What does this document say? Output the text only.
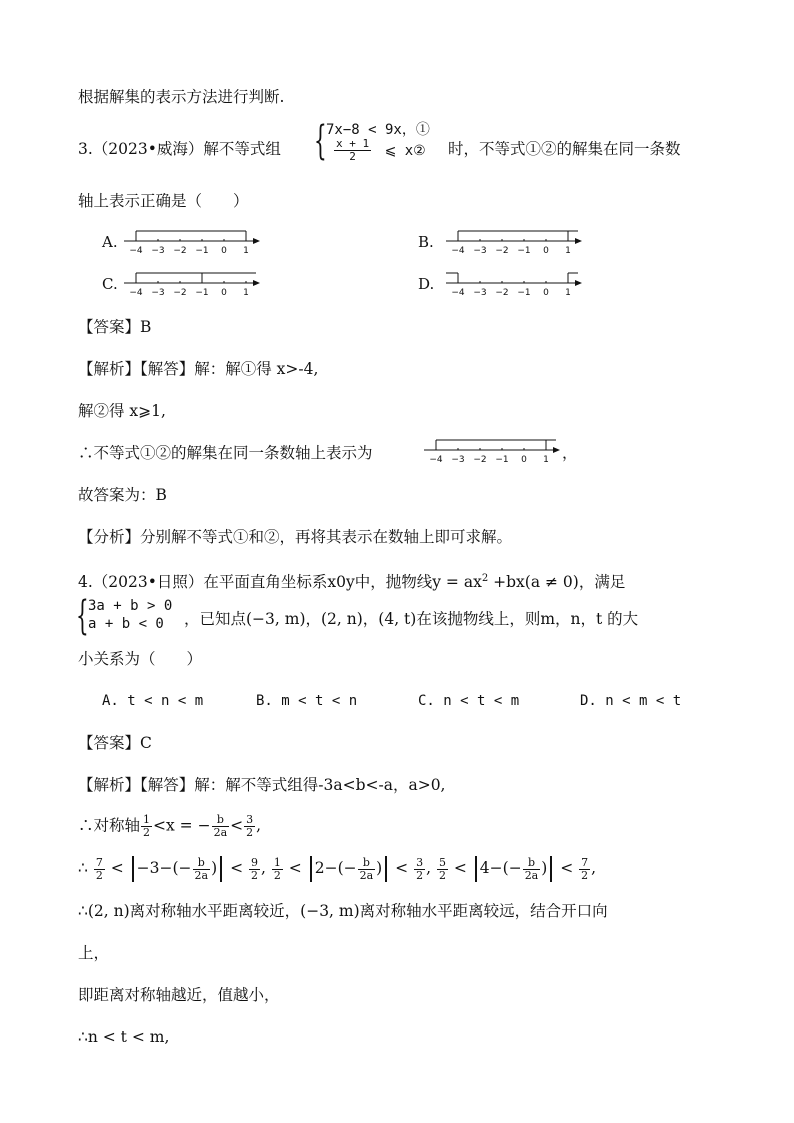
根据解集的表示方法进行判断.
3.（2023•威海）解不等式组 { 7x−8 < 9x，①
$\frac{x + 1}{2}$ ⩽ x② 时，不等式①②的解集在同一条数
轴上表示正确是（　　）
A.	B.
C.	D.
−4 −3 −2 −1 0 1	−4 −3 −2 −1 0 1
−4 −3 −2 −1 0 1	−4 −3 −2 −1 0 1
【答案】B
【解析】【解答】解：解①得 x>-4,
解②得 x⩾1,
∴不等式①②的解集在同一条数轴上表示为	−4 −3 −2 −1 0 1 ，
故答案为：B
【分析】分别解不等式①和②，再将其表示在数轴上即可求解。
4.（2023•日照）在平面直角坐标系x0y中，抛物线$y = ax^2 +bx(a \ne 0)$，满足
{ 3a + b > 0
a + b < 0 ，已知点(−3, m)，(2, n)，(4, t)在该抛物线上，则m，n，t 的大
小关系为（　　）
A. t < n < m	B. m < t < n	C. n < t < m	D. n < m < t
【答案】C
【解析】【解答】解：解不等式组得-3a<b<-a，a>0,
∴对称轴 $\frac{1}{2} <x$ = − $\frac{b}{2a} < \frac{3}{2}$ ,
∴ $\frac{7}{2} < -3-(- \frac{b}{2a}$ ) < $\frac{9}{2}$ , $\frac{1}{2} < 2-(- \frac{b}{2a}$ ) < $\frac{3}{2}$ , $\frac{5}{2} < 4-(- \frac{b}{2a}$ ) < $\frac{7}{2}$ ,
∴(2, n)离对称轴水平距离较近，(−3, m)离对称轴水平距离较远，结合开口向
上，
即距离对称轴越近，值越小，
∴n < t < m,
